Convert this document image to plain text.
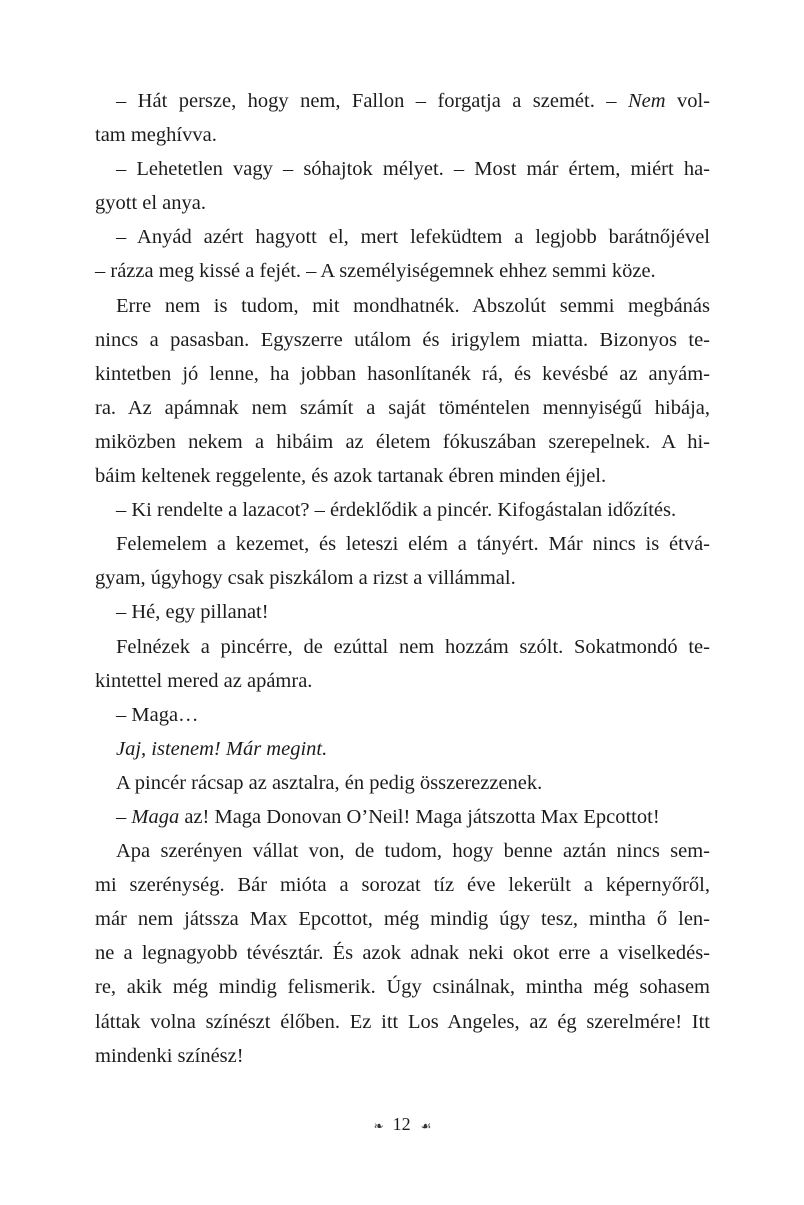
– Hát persze, hogy nem, Fallon – forgatja a szemét. – Nem vol-
tam meghívva.

– Lehetetlen vagy – sóhajtok mélyet. – Most már értem, miért ha-
gyott el anya.

– Anyád azért hagyott el, mert lefeküdtem a legjobb barátnőjével
– rázza meg kissé a fejét. – A személyiségemnek ehhez semmi köze.

Erre nem is tudom, mit mondhatnék. Abszolút semmi megbánás
nincs a pasasban. Egyszerre utálom és irigylem miatta. Bizonyos te-
kintetben jó lenne, ha jobban hasonlítanék rá, és kevésbé az anyám-
ra. Az apámnak nem számít a saját töméntelen mennyiségű hibája,
miközben nekem a hibáim az életem fókuszában szerepelnek. A hi-
báim keltenek reggelente, és azok tartanak ébren minden éjjel.

– Ki rendelte a lazacot? – érdeklődik a pincér. Kifogástalan időzítés.

Felemelem a kezemet, és leteszi elém a tányért. Már nincs is étvá-
gyam, úgyhogy csak piszkálom a rizst a villámmal.

– Hé, egy pillanat!

Felnézek a pincérre, de ezúttal nem hozzám szólt. Sokatmondó te-
kintettel mered az apámra.

– Maga…

Jaj, istenem! Már megint.

A pincér rácsap az asztalra, én pedig összerezzenek.

– Maga az! Maga Donovan O’Neil! Maga játszotta Max Epcottot!

Apa szerényen vállat von, de tudom, hogy benne aztán nincs sem-
mi szerénység. Bár mióta a sorozat tíz éve lekerült a képernyőről,
már nem játssza Max Epcottot, még mindig úgy tesz, mintha ő len-
ne a legnagyobb tévésztár. És azok adnak neki okot erre a viselkedés-
re, akik még mindig felismerik. Úgy csinálnak, mintha még sohasem
láttak volna színészt élőben. Ez itt Los Angeles, az ég szerelmére! Itt
mindenki színész!

❧ 12 ☙
